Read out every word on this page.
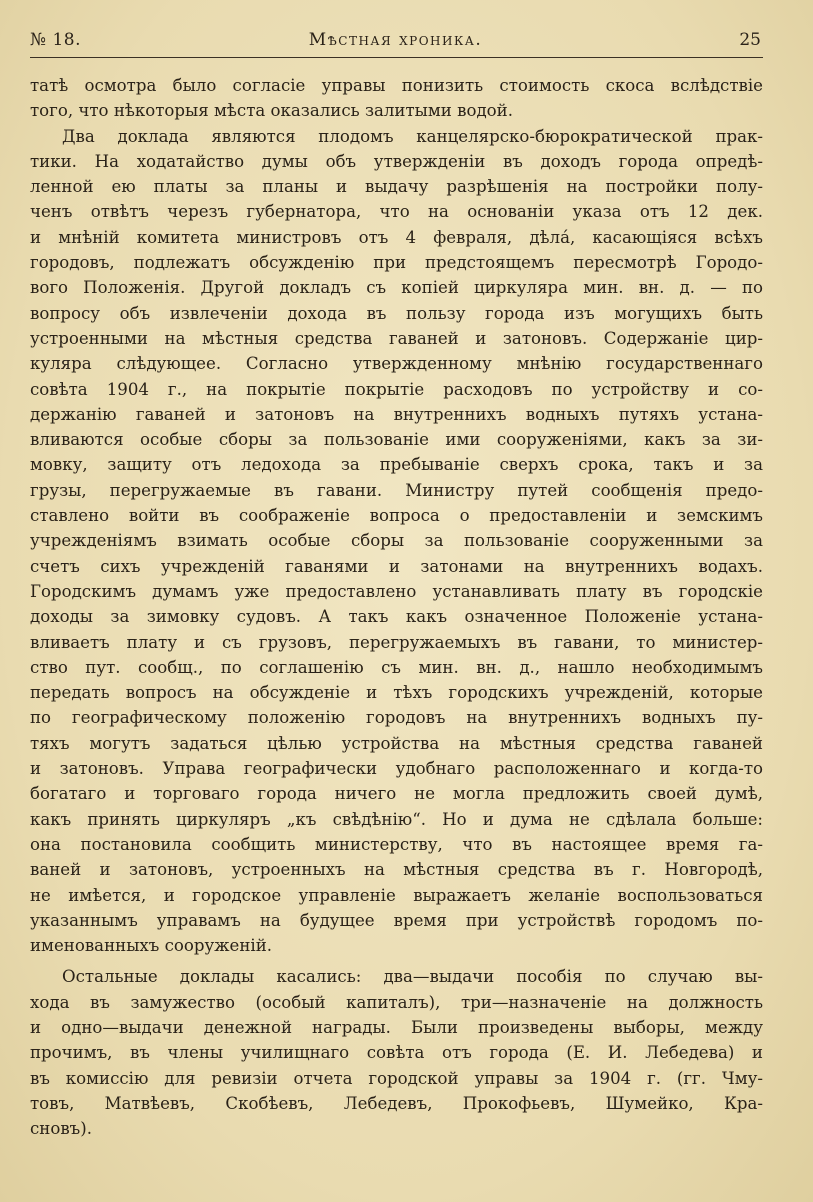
№ 18.	Мѣстная хроника.	25
татѣ осмотра было согласіе управы понизить стоимость скоса вслѣдствіе
того, что нѣкоторыя мѣста оказались залитыми водой.
Два доклада являются плодомъ канцелярско-бюрократической прак-
тики. На ходатайство думы объ утвержденіи въ доходъ города опредѣ-
ленной ею платы за планы и выдачу разрѣшенія на постройки полу-
ченъ отвѣтъ черезъ губернатора, что на основаніи указа отъ 12 дек.
и мнѣній комитета министровъ отъ 4 февраля, дѣла́, касающіяся всѣхъ
городовъ, подлежатъ обсужденію при предстоящемъ пересмотрѣ Городо-
вого Положенія. Другой докладъ съ копіей циркуляра мин. вн. д. — по
вопросу объ извлеченіи дохода въ пользу города изъ могущихъ быть
устроенными на мѣстныя средства гаваней и затоновъ. Содержаніе цир-
куляра слѣдующее. Согласно утвержденному мнѣнію государственнаго
совѣта 1904 г., на покрытіе покрытіе расходовъ по устройству и со-
держанію гаваней и затоновъ на внутреннихъ водныхъ путяхъ устана-
вливаются особые сборы за пользованіе ими сооруженіями, какъ за зи-
мовку, защиту отъ ледохода за пребываніе сверхъ срока, такъ и за
грузы, перегружаемые въ гавани. Министру путей сообщенія предо-
ставлено войти въ соображеніе вопроса о предоставленіи и земскимъ
учрежденіямъ взимать особые сборы за пользованіе сооруженными за
счетъ сихъ учрежденій гаванями и затонами на внутреннихъ водахъ.
Городскимъ думамъ уже предоставлено устанавливать плату въ городскіе
доходы за зимовку судовъ. А такъ какъ означенное Положеніе устана-
вливаетъ плату и съ грузовъ, перегружаемыхъ въ гавани, то министер-
ство пут. сообщ., по соглашенію съ мин. вн. д., нашло необходимымъ
передать вопросъ на обсужденіе и тѣхъ городскихъ учрежденій, которые
по географическому положенію городовъ на внутреннихъ водныхъ пу-
тяхъ могутъ задаться цѣлью устройства на мѣстныя средства гаваней
и затоновъ. Управа географически удобнаго расположеннаго и когда-то
богатаго и торговаго города ничего не могла предложить своей думѣ,
какъ принять циркуляръ „къ свѣдѣнію“. Но и дума не сдѣлала больше:
она постановила сообщить министерству, что въ настоящее время га-
ваней и затоновъ, устроенныхъ на мѣстныя средства въ г. Новгородѣ,
не имѣется, и городское управленіе выражаетъ желаніе воспользоваться
указаннымъ управамъ на будущее время при устройствѣ городомъ по-
именованныхъ сооруженій.
Остальные доклады касались: два—выдачи пособія по случаю вы-
хода въ замужество (особый капиталъ), три—назначеніе на должность
и одно—выдачи денежной награды. Были произведены выборы, между
прочимъ, въ члены училищнаго совѣта отъ города (Е. И. Лебедева) и
въ комиссію для ревизіи отчета городской управы за 1904 г. (гг. Чму-
товъ, Матвѣевъ, Скобѣевъ, Лебедевъ, Прокофьевъ, Шумейко, Кра-
сновъ).
